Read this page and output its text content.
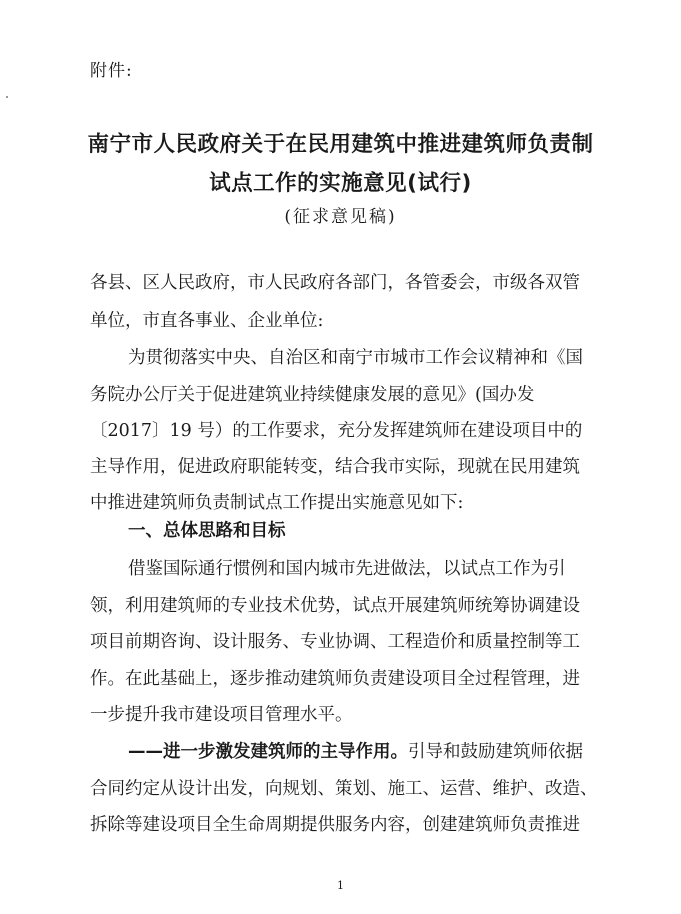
附件:
南宁市人民政府关于在民用建筑中推进建筑师负责制
试点工作的实施意见(试行)
(征求意见稿)
各县、区人民政府，市人民政府各部门，各管委会，市级各双管
单位，市直各事业、企业单位:
为贯彻落实中央、自治区和南宁市城市工作会议精神和《国
务院办公厅关于促进建筑业持续健康发展的意见》(国办发
〔2017〕19 号）的工作要求，充分发挥建筑师在建设项目中的
主导作用，促进政府职能转变，结合我市实际，现就在民用建筑
中推进建筑师负责制试点工作提出实施意见如下:
一、总体思路和目标
借鉴国际通行惯例和国内城市先进做法，以试点工作为引
领，利用建筑师的专业技术优势，试点开展建筑师统筹协调建设
项目前期咨询、设计服务、专业协调、工程造价和质量控制等工
作。在此基础上，逐步推动建筑师负责建设项目全过程管理，进
一步提升我市建设项目管理水平。
——进一步激发建筑师的主导作用。引导和鼓励建筑师依据
合同约定从设计出发，向规划、策划、施工、运营、维护、改造、
拆除等建设项目全生命周期提供服务内容，创建建筑师负责推进
1
